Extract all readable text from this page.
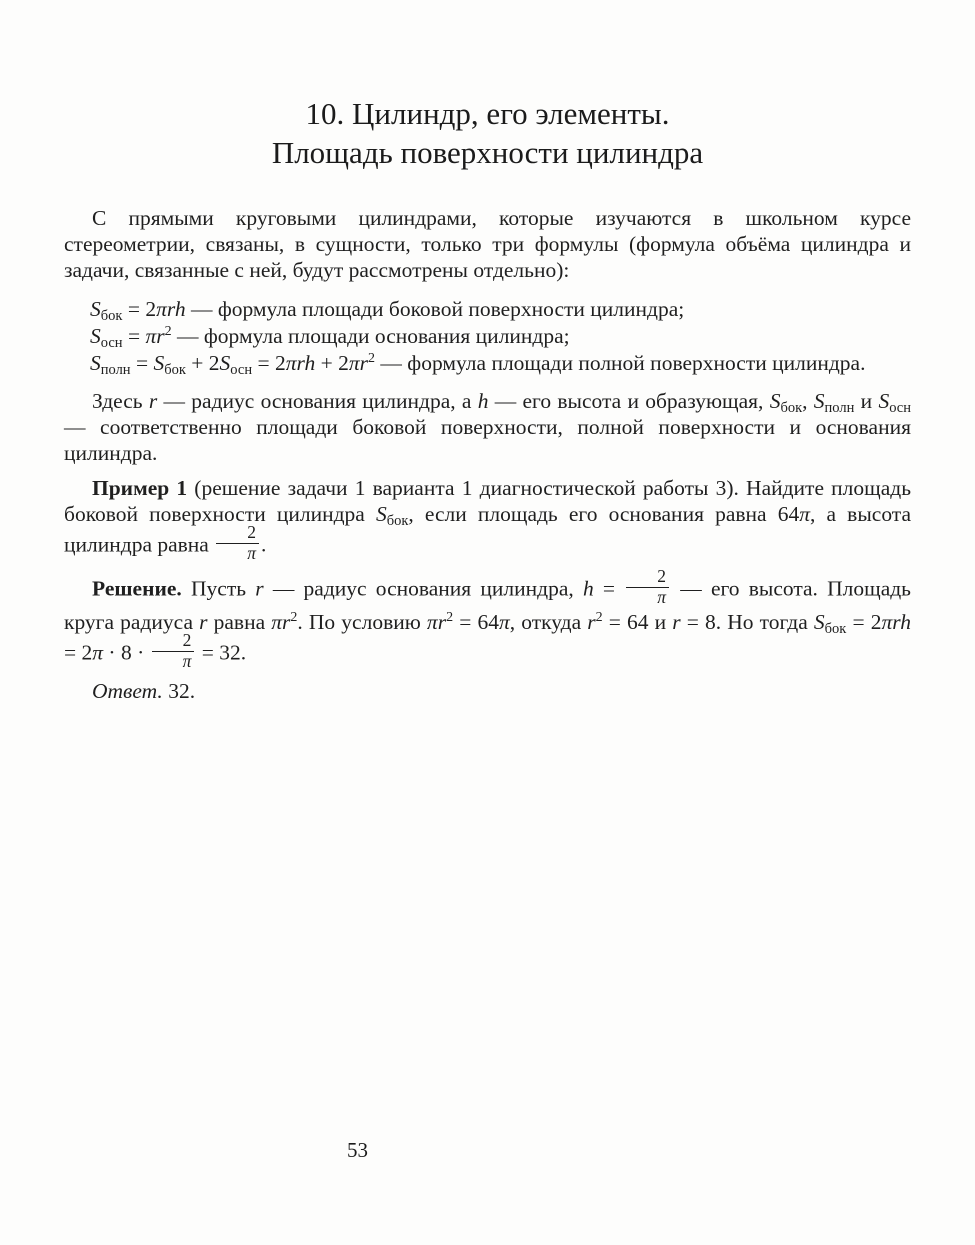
10. Цилиндр, его элементы.
Площадь поверхности цилиндра

С прямыми круговыми цилиндрами, которые изучаются в школьном курсе стереометрии, связаны, в сущности, только три формулы (формула объёма цилиндра и задачи, связанные с ней, будут рассмотрены отдельно):

Sбок = 2πrh — формула площади боковой поверхности цилиндра;
Sосн = $\pi r^2$ — формула площади основания цилиндра;
Sполн = Sбок + 2Sосн = $2\pi rh + 2\pi r^2$ — формула площади полной поверхности цилиндра.

Здесь r — радиус основания цилиндра, а h — его высота и образующая, Sбок, Sполн и Sосн — соответственно площади боковой поверхности, полной поверхности и основания цилиндра.

Пример 1 (решение задачи 1 варианта 1 диагностической работы 3). Найдите площадь боковой поверхности цилиндра Sбок, если площадь его основания равна 64π, а высота цилиндра равна $\frac{2}{\pi}$ .

Решение. Пусть r — радиус основания цилиндра, $h = \frac{2}{\pi}$ — его высота. Площадь круга радиуса r равна $\pi r^2$. По условию $\pi r^2 = 64\pi$, откуда $r^2 = 64$ и r = 8. Но тогда Sбок = $2\pi rh = 2\pi \cdot 8 \cdot \frac{2}{\pi} = 32$.

Ответ. 32.

53
